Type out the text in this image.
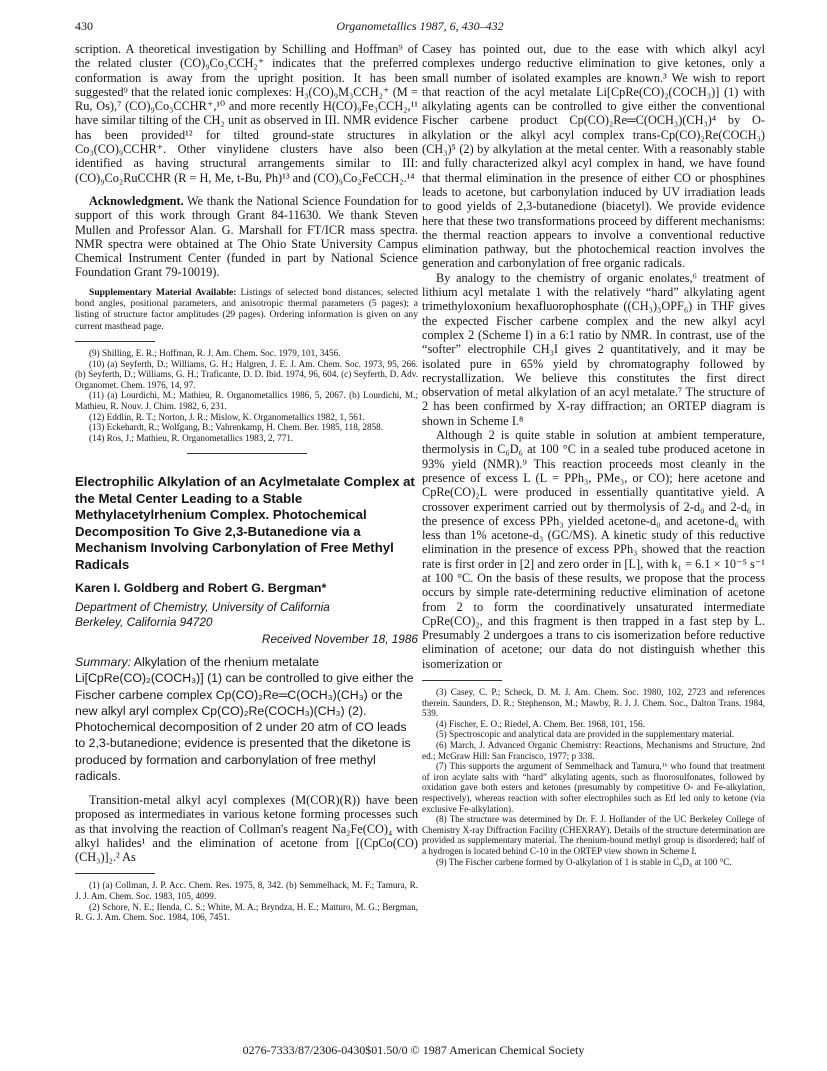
430	Organometallics 1987, 6, 430–432

scription. A theoretical investigation by Schilling and Hoffman⁹ of the related cluster (CO)₉Co₃CCH₂⁺ indicates that the preferred conformation is away from the upright position. It has been suggested⁹ that the related ionic complexes: H₃(CO)₉M₃CCH₂⁺ (M = Ru, Os),⁷ (CO)₉Co₃CCHR⁺,¹⁰ and more recently H(CO)₉Fe₃CCH₂,¹¹ have similar tilting of the CH₂ unit as observed in III. NMR evidence has been provided¹² for tilted ground-state structures in Co₃(CO)₉CCHR⁺. Other vinylidene clusters have also been identified as having structural arrangements similar to III: (CO)₉Co₂RuCCHR (R = H, Me, t-Bu, Ph)¹³ and (CO)₉Co₂FeCCH₂.¹⁴

Acknowledgment. We thank the National Science Foundation for support of this work through Grant 84-11630. We thank Steven Mullen and Professor Alan. G. Marshall for FT/ICR mass spectra. NMR spectra were obtained at The Ohio State University Campus Chemical Instrument Center (funded in part by National Science Foundation Grant 79-10019).

Supplementary Material Available: Listings of selected bond distances, selected bond angles, positional parameters, and anisotropic thermal parameters (5 pages); a listing of structure factor amplitudes (29 pages). Ordering information is given on any current masthead page.

(9) Shilling, E. R.; Hoffman, R. J. Am. Chem. Soc. 1979, 101, 3456.

(10) (a) Seyferth, D.; Williams, G. H.; Halgren, J. E. J. Am. Chem. Soc. 1973, 95, 266. (b) Seyferth, D.; Williams, G. H.; Traficante, D. D. Ibid. 1974, 96, 604. (c) Seyferth, D. Adv. Organomet. Chem. 1976, 14, 97.

(11) (a) Lourdichi, M.; Mathieu, R. Organometallics 1986, 5, 2067. (b) Lourdichi, M.; Mathieu, R. Nouv. J. Chim. 1982, 6, 231.

(12) Eddlin, R. T.; Norton, J. R.; Mislow, K. Organometallics 1982, 1, 561.

(13) Eckehardt, R.; Wolfgang, B.; Vahrenkamp, H. Chem. Ber. 1985, 118, 2858.

(14) Ros, J.; Mathieu, R. Organometallics 1983, 2, 771.

Electrophilic Alkylation of an Acylmetalate Complex at the Metal Center Leading to a Stable Methylacetylrhenium Complex. Photochemical Decomposition To Give 2,3-Butanedione via a Mechanism Involving Carbonylation of Free Methyl Radicals

Karen I. Goldberg and Robert G. Bergman*

Department of Chemistry, University of California
Berkeley, California 94720

Received November 18, 1986

Summary: Alkylation of the rhenium metalate Li[CpRe(CO)₂(COCH₃)] (1) can be controlled to give either the Fischer carbene complex Cp(CO)₂Re═C(OCH₃)(CH₃) or the new alkyl aryl complex Cp(CO)₂Re(COCH₃)(CH₃) (2). Photochemical decomposition of 2 under 20 atm of CO leads to 2,3-butanedione; evidence is presented that the diketone is produced by formation and carbonylation of free methyl radicals.

Transition-metal alkyl acyl complexes (M(COR)(R)) have been proposed as intermediates in various ketone forming processes such as that involving the reaction of Collman's reagent Na₂Fe(CO)₄ with alkyl halides¹ and the elimination of acetone from [(CpCo(CO)(CH₃)]₂.² As

(1) (a) Collman, J. P. Acc. Chem. Res. 1975, 8, 342. (b) Semmelhack, M. F.; Tamura, R. J. J. Am. Chem. Soc. 1983, 105, 4099.

(2) Schore, N. E.; Ilenda, C. S.; White, M. A.; Bryndza, H. E.; Matturo, M. G.; Bergman, R. G. J. Am. Chem. Soc. 1984, 106, 7451.

Casey has pointed out, due to the ease with which alkyl acyl complexes undergo reductive elimination to give ketones, only a small number of isolated examples are known.³ We wish to report that reaction of the acyl metalate Li[CpRe(CO)₂(COCH₃)] (1) with alkylating agents can be controlled to give either the conventional Fischer carbene product Cp(CO)₂Re═C(OCH₃)(CH₃)⁴ by O-alkylation or the alkyl acyl complex trans-Cp(CO)₂Re(COCH₃)(CH₃)⁵ (2) by alkylation at the metal center. With a reasonably stable and fully characterized alkyl acyl complex in hand, we have found that thermal elimination in the presence of either CO or phosphines leads to acetone, but carbonylation induced by UV irradiation leads to good yields of 2,3-butanedione (biacetyl). We provide evidence here that these two transformations proceed by different mechanisms: the thermal reaction appears to involve a conventional reductive elimination pathway, but the photochemical reaction involves the generation and carbonylation of free organic radicals.

By analogy to the chemistry of organic enolates,⁶ treatment of lithium acyl metalate 1 with the relatively “hard” alkylating agent trimethyloxonium hexafluorophosphate ((CH₃)₃OPF₆) in THF gives the expected Fischer carbene complex and the new alkyl acyl complex 2 (Scheme I) in a 6:1 ratio by NMR. In contrast, use of the “softer” electrophile CH₃I gives 2 quantitatively, and it may be isolated pure in 65% yield by chromatography followed by recrystallization. We believe this constitutes the first direct observation of metal alkylation of an acyl metalate.⁷ The structure of 2 has been confirmed by X-ray diffraction; an ORTEP diagram is shown in Scheme I.⁸

Although 2 is quite stable in solution at ambient temperature, thermolysis in C₆D₆ at 100 °C in a sealed tube produced acetone in 93% yield (NMR).⁹ This reaction proceeds most cleanly in the presence of excess L (L = PPh₃, PMe₃, or CO); here acetone and CpRe(CO)₂L were produced in essentially quantitative yield. A crossover experiment carried out by thermolysis of 2-d₀ and 2-d₆ in the presence of excess PPh₃ yielded acetone-d₀ and acetone-d₆ with less than 1% acetone-d₃ (GC/MS). A kinetic study of this reductive elimination in the presence of excess PPh₃ showed that the reaction rate is first order in [2] and zero order in [L], with k₁ = 6.1 × 10⁻⁵ s⁻¹ at 100 °C. On the basis of these results, we propose that the process occurs by simple rate-determining reductive elimination of acetone from 2 to form the coordinatively unsaturated intermediate CpRe(CO)₂, and this fragment is then trapped in a fast step by L. Presumably 2 undergoes a trans to cis isomerization before reductive elimination of acetone; our data do not distinguish whether this isomerization or

(3) Casey, C. P.; Scheck, D. M. J. Am. Chem. Soc. 1980, 102, 2723 and references therein. Saunders, D. R.; Stephenson, M.; Mawby, R. J. J. Chem. Soc., Dalton Trans. 1984, 539.

(4) Fischer, E. O.; Riedel, A. Chem. Ber. 1968, 101, 156.

(5) Spectroscopic and analytical data are provided in the supplementary material.

(6) March, J. Advanced Organic Chemistry: Reactions, Mechanisms and Structure, 2nd ed.; McGraw Hill: San Francisco, 1977; p 338.

(7) This supports the argument of Semmelhack and Tamura,¹ᵇ who found that treatment of iron acylate salts with “hard” alkylating agents, such as fluorosulfonates, followed by oxidation gave both esters and ketones (presumably by competitive O- and Fe-alkylation, respectively), whereas reaction with softer electrophiles such as EtI led only to ketone (via exclusive Fe-alkylation).

(8) The structure was determined by Dr. F. J. Hollander of the UC Berkeley College of Chemistry X-ray Diffraction Facility (CHEXRAY). Details of the structure determination are provided as supplementary material. The rhenium-bound methyl group is disordered; half of a hydrogen is located behind C-10 in the ORTEP view shown in Scheme I.

(9) The Fischer carbene formed by O-alkylation of 1 is stable in C₆D₆ at 100 °C.

0276-7333/87/2306-0430$01.50/0 © 1987 American Chemical Society
